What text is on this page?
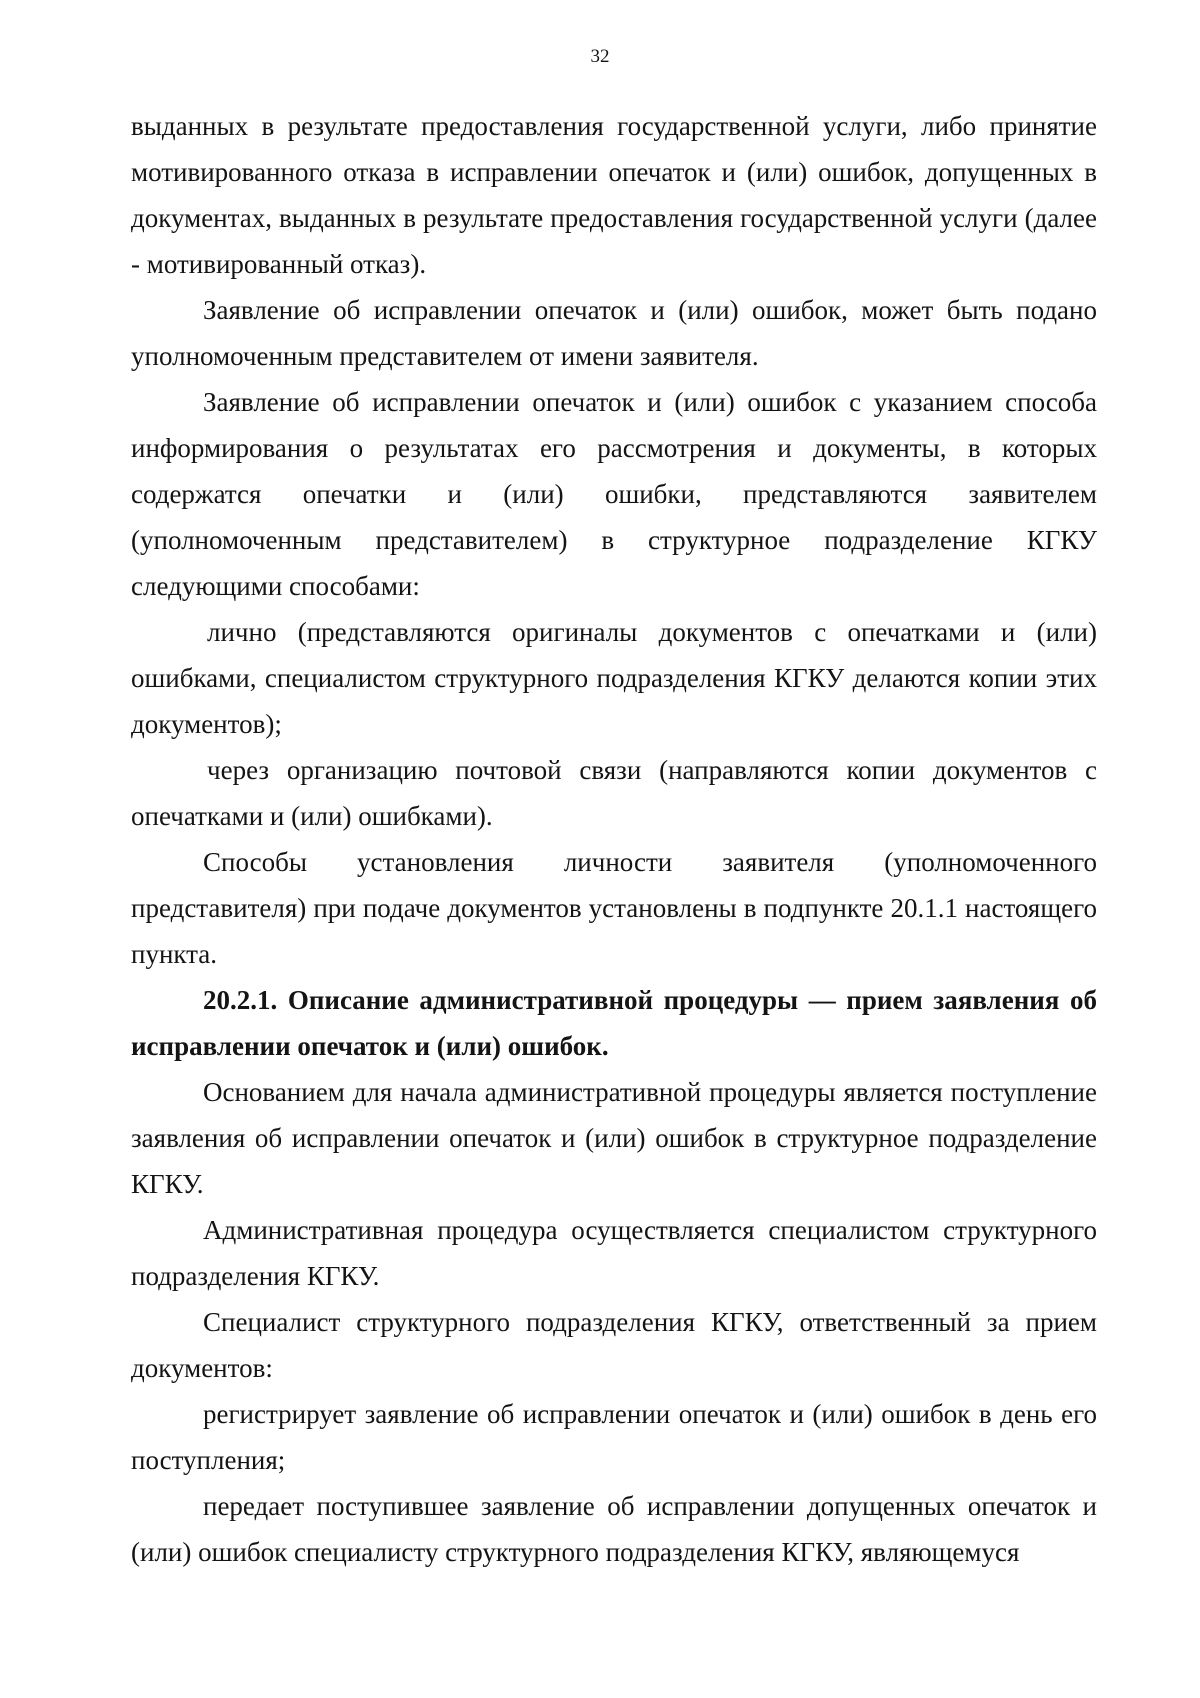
32

выданных в результате предоставления государственной услуги, либо принятие мотивированного отказа в исправлении опечаток и (или) ошибок, допущенных в документах, выданных в результате предоставления государственной услуги (далее - мотивированный отказ).

Заявление об исправлении опечаток и (или) ошибок, может быть подано уполномоченным представителем от имени заявителя.

Заявление об исправлении опечаток и (или) ошибок с указанием способа информирования о результатах его рассмотрения и документы, в которых содержатся опечатки и (или) ошибки, представляются заявителем (уполномоченным представителем) в структурное подразделение КГКУ следующими способами:

лично (представляются оригиналы документов с опечатками и (или) ошибками, специалистом структурного подразделения КГКУ делаются копии этих документов);

через организацию почтовой связи (направляются копии документов с опечатками и (или) ошибками).

Способы установления личности заявителя (уполномоченного представителя) при подаче документов установлены в подпункте 20.1.1 настоящего пункта.

20.2.1. Описание административной процедуры — прием заявления об исправлении опечаток и (или) ошибок.

Основанием для начала административной процедуры является поступление заявления об исправлении опечаток и (или) ошибок в структурное подразделение КГКУ.

Административная процедура осуществляется специалистом структурного подразделения КГКУ.

Специалист структурного подразделения КГКУ, ответственный за прием документов:

регистрирует заявление об исправлении опечаток и (или) ошибок в день его поступления;

передает поступившее заявление об исправлении допущенных опечаток и (или) ошибок специалисту структурного подразделения КГКУ, являющемуся
